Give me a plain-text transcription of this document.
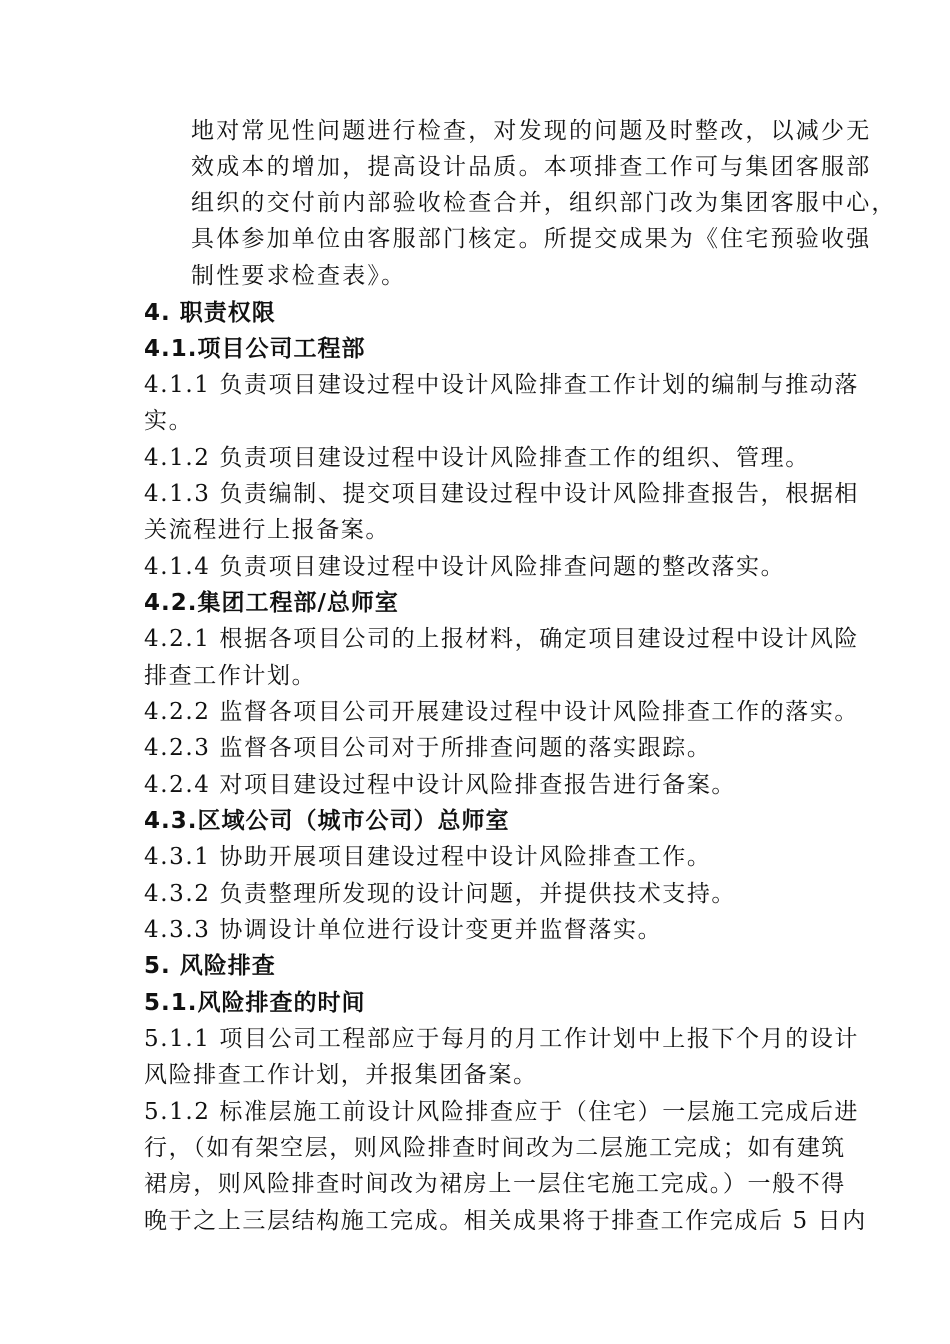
地对常见性问题进行检查，对发现的问题及时整改，以减少无
效成本的增加，提高设计品质。本项排查工作可与集团客服部
组织的交付前内部验收检查合并，组织部门改为集团客服中心，
具体参加单位由客服部门核定。所提交成果为《住宅预验收强
制性要求检查表》。
4. 职责权限
4.1.项目公司工程部
4.1.1 负责项目建设过程中设计风险排查工作计划的编制与推动落
实。
4.1.2 负责项目建设过程中设计风险排查工作的组织、管理。
4.1.3 负责编制、提交项目建设过程中设计风险排查报告，根据相
关流程进行上报备案。
4.1.4 负责项目建设过程中设计风险排查问题的整改落实。
4.2.集团工程部/总师室
4.2.1 根据各项目公司的上报材料，确定项目建设过程中设计风险
排查工作计划。
4.2.2 监督各项目公司开展建设过程中设计风险排查工作的落实。
4.2.3 监督各项目公司对于所排查问题的落实跟踪。
4.2.4 对项目建设过程中设计风险排查报告进行备案。
4.3.区域公司（城市公司）总师室
4.3.1 协助开展项目建设过程中设计风险排查工作。
4.3.2 负责整理所发现的设计问题，并提供技术支持。
4.3.3 协调设计单位进行设计变更并监督落实。
5. 风险排查
5.1.风险排查的时间
5.1.1 项目公司工程部应于每月的月工作计划中上报下个月的设计
风险排查工作计划，并报集团备案。
5.1.2 标准层施工前设计风险排查应于（住宅）一层施工完成后进
行，（如有架空层，则风险排查时间改为二层施工完成；如有建筑
裙房，则风险排查时间改为裙房上一层住宅施工完成。）一般不得
晚于之上三层结构施工完成。相关成果将于排查工作完成后 5 日内
